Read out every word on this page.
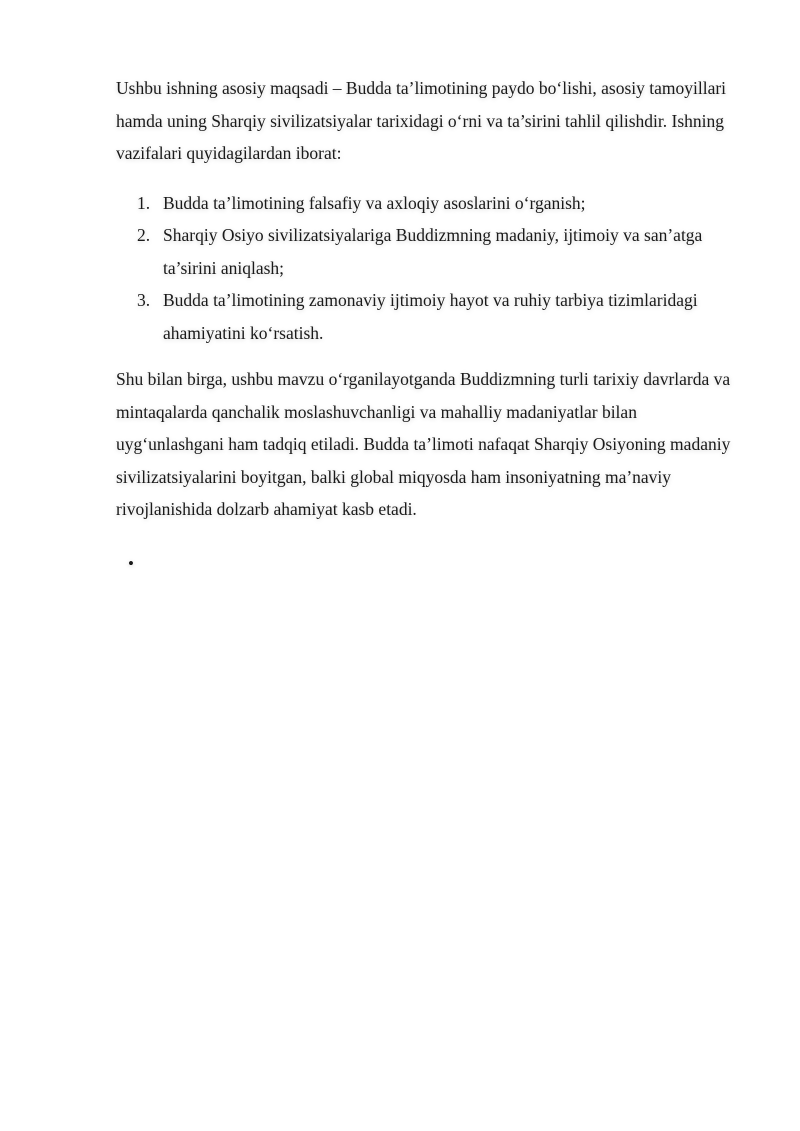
Ushbu ishning asosiy maqsadi – Budda ta’limotining paydo bo‘lishi, asosiy tamoyillari hamda uning Sharqiy sivilizatsiyalar tarixidagi o‘rni va ta’sirini tahlil qilishdir. Ishning vazifalari quyidagilardan iborat:

1. Budda ta’limotining falsafiy va axloqiy asoslarini o‘rganish;
2. Sharqiy Osiyo sivilizatsiyalariga Buddizmning madaniy, ijtimoiy va san’atga ta’sirini aniqlash;
3. Budda ta’limotining zamonaviy ijtimoiy hayot va ruhiy tarbiya tizimlaridagi ahamiyatini ko‘rsatish.

Shu bilan birga, ushbu mavzu o‘rganilayotganda Buddizmning turli tarixiy davrlarda va mintaqalarda qanchalik moslashuvchanligi va mahalliy madaniyatlar bilan uyg‘unlashgani ham tadqiq etiladi. Budda ta’limoti nafaqat Sharqiy Osiyoning madaniy sivilizatsiyalarini boyitgan, balki global miqyosda ham insoniyatning ma’naviy rivojlanishida dolzarb ahamiyat kasb etadi.

•
